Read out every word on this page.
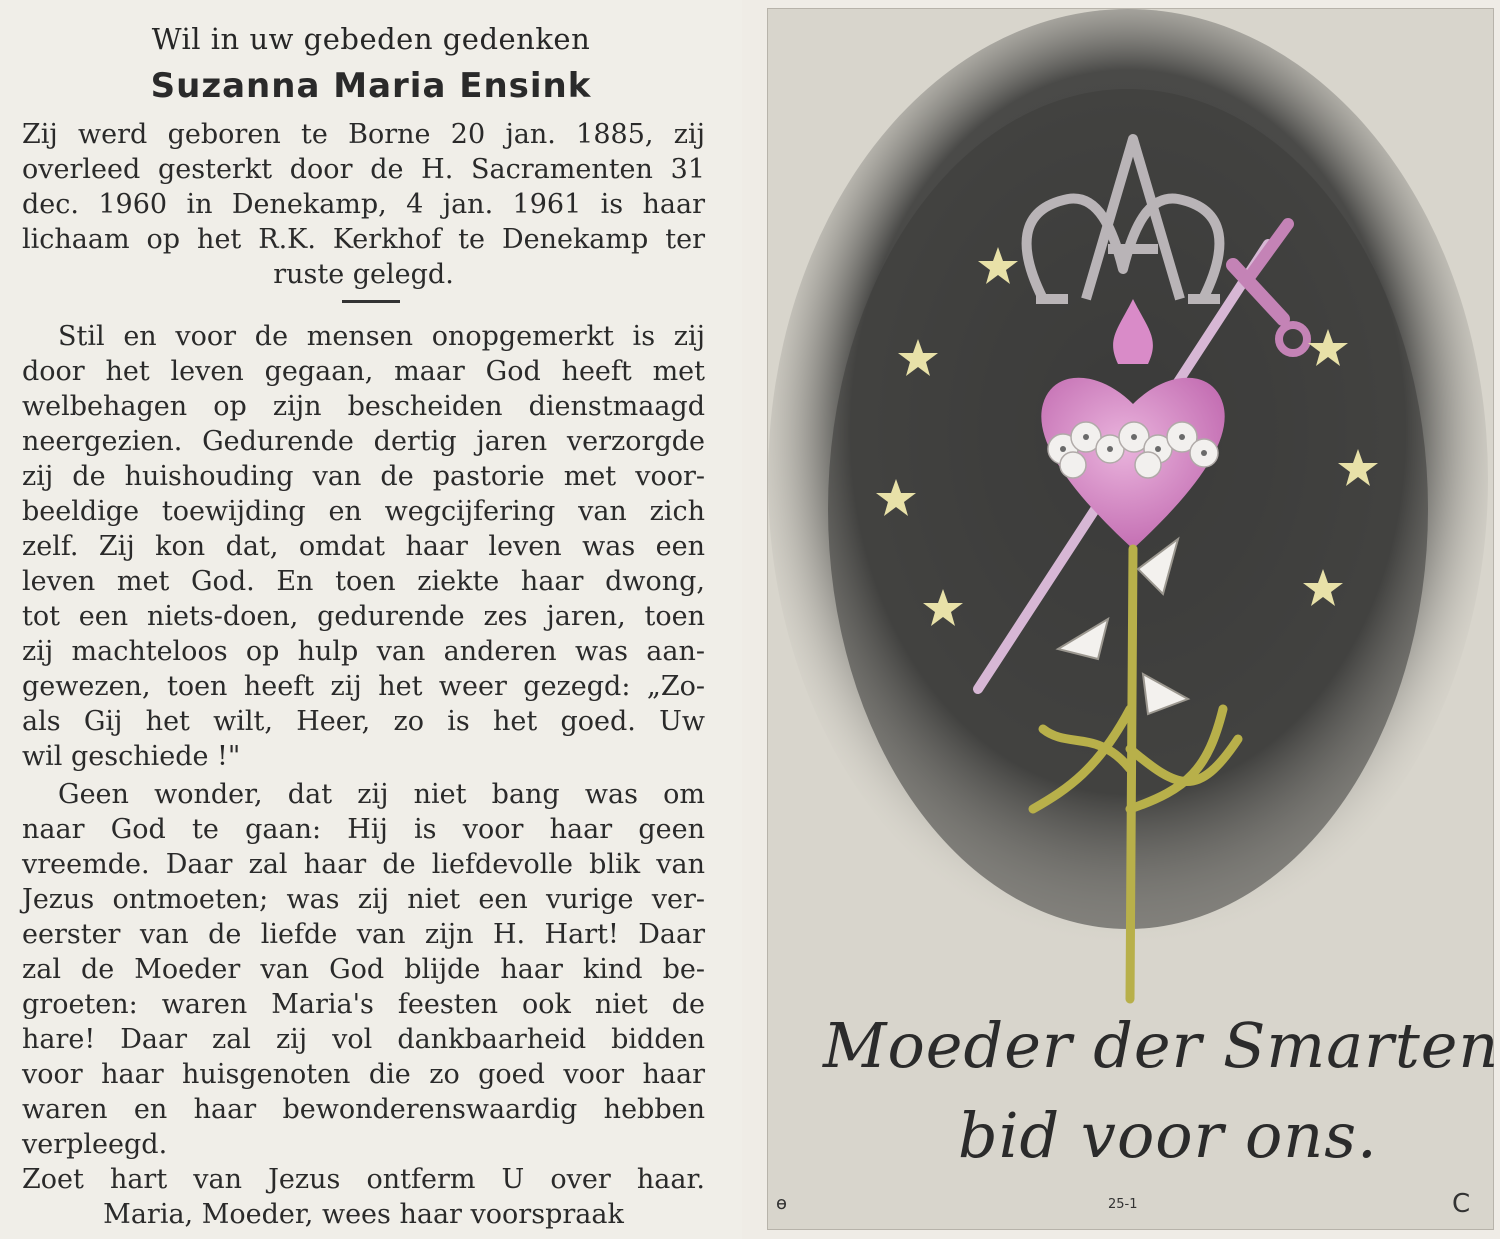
Wil in uw gebeden gedenken
Suzanna Maria Ensink
Zij werd geboren te Borne 20 jan. 1885, zij
overleed gesterkt door de H. Sacramenten 31
dec. 1960 in Denekamp, 4 jan. 1961 is haar
lichaam op het R.K. Kerkhof te Denekamp ter
ruste gelegd.
Stil en voor de mensen onopgemerkt is zij
door het leven gegaan, maar God heeft met
welbehagen op zijn bescheiden dienstmaagd
neergezien. Gedurende dertig jaren verzorgde
zij de huishouding van de pastorie met voor-
beeldige toewijding en wegcijfering van zich
zelf. Zij kon dat, omdat haar leven was een
leven met God. En toen ziekte haar dwong,
tot een niets-doen, gedurende zes jaren, toen
zij machteloos op hulp van anderen was aan-
gewezen, toen heeft zij het weer gezegd: „Zo-
als Gij het wilt, Heer, zo is het goed. Uw
wil geschiede !"
Geen wonder, dat zij niet bang was om
naar God te gaan: Hij is voor haar geen
vreemde. Daar zal haar de liefdevolle blik van
Jezus ontmoeten; was zij niet een vurige ver-
eerster van de liefde van zijn H. Hart! Daar
zal de Moeder van God blijde haar kind be-
groeten: waren Maria's feesten ook niet de
hare! Daar zal zij vol dankbaarheid bidden
voor haar huisgenoten die zo goed voor haar
waren en haar bewonderenswaardig hebben
verpleegd.
Zoet hart van Jezus ontferm U over haar.
Maria, Moeder, wees haar voorspraak
Moeder der Smarten
bid voor ons.
25-1
ɵ	C
